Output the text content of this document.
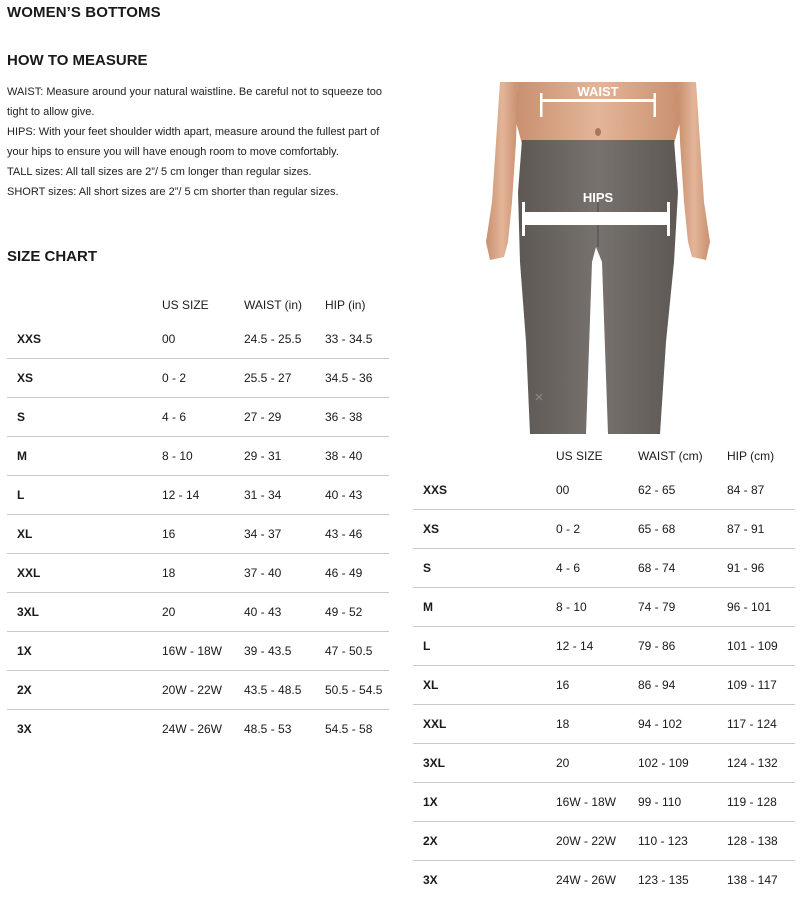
WOMEN’S BOTTOMS
HOW TO MEASURE

WAIST: Measure around your natural waistline. Be careful not to squeeze too tight to allow give.

HIPS: With your feet shoulder width apart, measure around the fullest part of your hips to ensure you will have enough room to move comfortably.

TALL sizes: All tall sizes are 2”/ 5 cm longer than regular sizes.

SHORT sizes: All short sizes are 2”/ 5 cm shorter than regular sizes.

SIZE CHART
WAIST
HIPS
	US SIZE	WAIST (in)	HIP (in)
XXS	00	24.5 - 25.5	33 - 34.5
XS	0 - 2	25.5 - 27	34.5 - 36
S	4 - 6	27 - 29	36 - 38
M	8 - 10	29 - 31	38 - 40
L	12 - 14	31 - 34	40 - 43
XL	16	34 - 37	43 - 46
XXL	18	37 - 40	46 - 49
3XL	20	40 - 43	49 - 52
1X	16W - 18W	39 - 43.5	47 - 50.5
2X	20W - 22W	43.5 - 48.5	50.5 - 54.5
3X	24W - 26W	48.5 - 53	54.5 - 58
	US SIZE	WAIST (cm)	HIP (cm)
XXS	00	62 - 65	84 - 87
XS	0 - 2	65 - 68	87 - 91
S	4 - 6	68 - 74	91 - 96
M	8 - 10	74 - 79	96 - 101
L	12 - 14	79 - 86	101 - 109
XL	16	86 - 94	109 - 117
XXL	18	94 - 102	117 - 124
3XL	20	102 - 109	124 - 132
1X	16W - 18W	99 - 110	119 - 128
2X	20W - 22W	110 - 123	128 - 138
3X	24W - 26W	123 - 135	138 - 147
